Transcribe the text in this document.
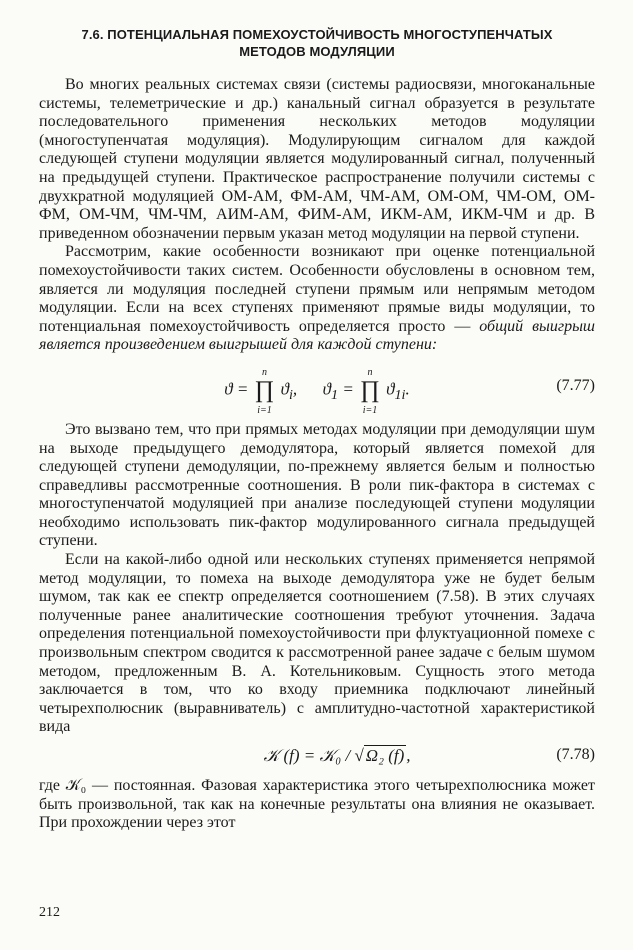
7.6. ПОТЕНЦИАЛЬНАЯ ПОМЕХОУСТОЙЧИВОСТЬ МНОГОСТУПЕНЧАТЫХ
МЕТОДОВ МОДУЛЯЦИИ

Во многих реальных системах связи (системы радиосвязи, многоканальные системы, телеметрические и др.) канальный сигнал образуется в результате последовательного применения нескольких методов модуляции (многоступенчатая модуляция). Модулирующим сигналом для каждой следующей ступени модуляции является модулированный сигнал, полученный на предыдущей ступени. Практическое распространение получили системы с двухкратной модуляцией ОМ-АМ, ФМ-АМ, ЧМ-АМ, ОМ-ОМ, ЧМ-ОМ, ОМ-ФМ, ОМ-ЧМ, ЧМ-ЧМ, АИМ-АМ, ФИМ-АМ, ИКМ-АМ, ИКМ-ЧМ и др. В приведенном обозначении первым указан метод модуляции на первой ступени.

Рассмотрим, какие особенности возникают при оценке потенциальной помехоустойчивости таких систем. Особенности обусловлены в основном тем, является ли модуляция последней ступени прямым или непрямым методом модуляции. Если на всех ступенях применяют прямые виды модуляции, то потенциальная помехоустойчивость определяется просто — общий выигрыш является произведением выигрышей для каждой ступени:

ϑ =
n
∏
i=1
$ϑ_i$,      $ϑ_1$ =
n
∏
i=1
$ϑ_{1i}$.	(7.77)

Это вызвано тем, что при прямых методах модуляции при демодуляции шум на выходе предыдущего демодулятора, который является помехой для следующей ступени демодуляции, по-прежнему является белым и полностью справедливы рассмотренные соотношения. В роли пик-фактора в системах с многоступенчатой модуляцией при анализе последующей ступени модуляции необходимо использовать пик-фактор модулированного сигнала предыдущей ступени.

Если на какой-либо одной или нескольких ступенях применяется непрямой метод модуляции, то помеха на выходе демодулятора уже не будет белым шумом, так как ее спектр определяется соотношением (7.58). В этих случаях полученные ранее аналитические соотношения требуют уточнения. Задача определения потенциальной помехоустойчивости при флуктуационной помехе с произвольным спектром сводится к рассмотренной ранее задаче с белым шумом методом, предложенным В. А. Котельниковым. Сущность этого метода заключается в том, что ко входу приемника подключают линейный четырехполюсник (выравниватель) с амплитудно-частотной характеристикой вида

𝒦 (f) = 𝒦₀ / √ Ω₂ (f) ,	(7.78)

где 𝒦₀ — постоянная. Фазовая характеристика этого четырехполюсника может быть произвольной, так как на конечные результаты она влияния не оказывает. При прохождении через этот

212
